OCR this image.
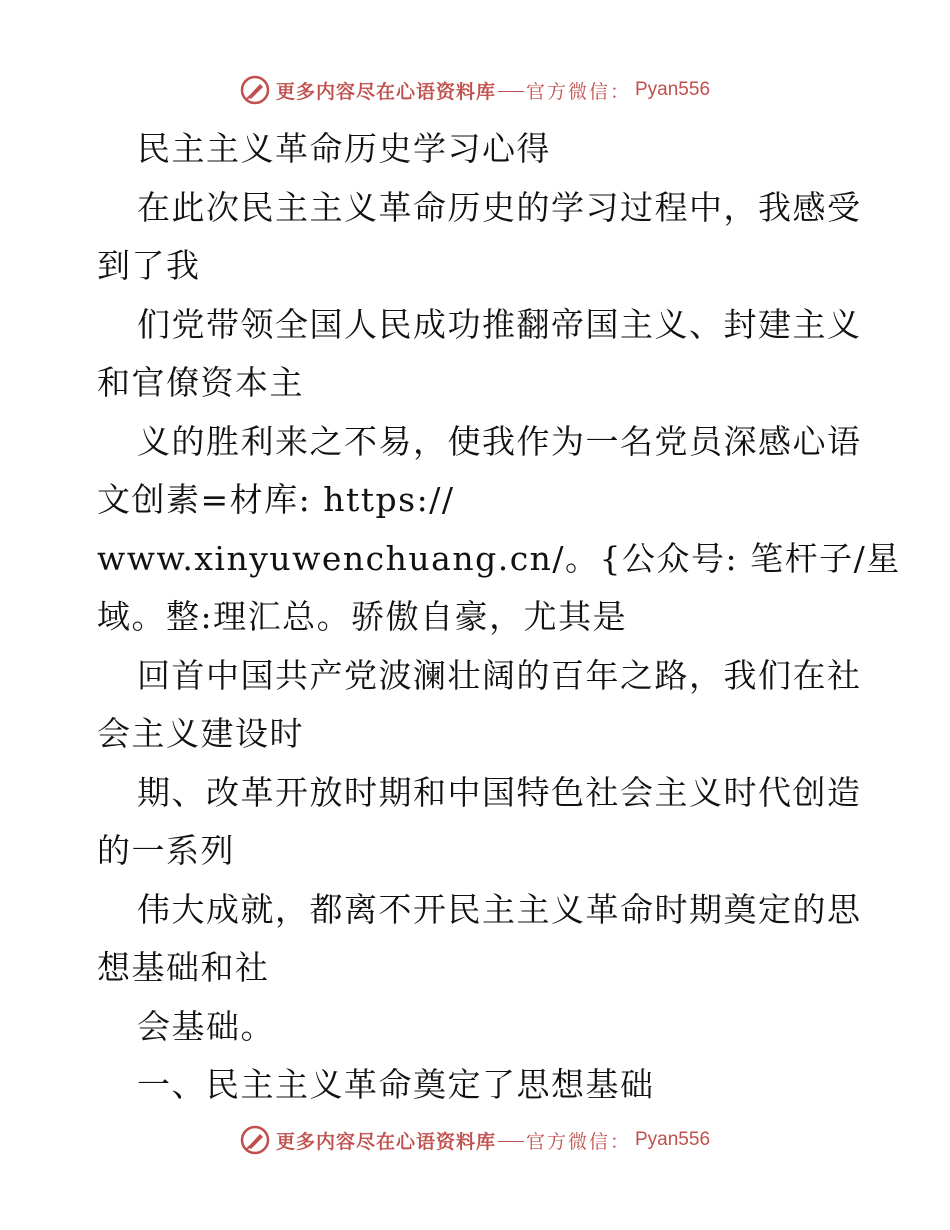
更多内容尽在心语资料库 官方微信： Pyan556
民主主义革命历史学习心得
在此次民主主义革命历史的学习过程中，我感受
到了我
们党带领全国人民成功推翻帝国主义、封建主义
和官僚资本主
义的胜利来之不易，使我作为一名党员深感心语
文创素=材库: https://
www.xinyuwenchuang.cn/。{公众号: 笔杆子/星
域。整:理汇总。骄傲自豪，尤其是
回首中国共产党波澜壮阔的百年之路，我们在社
会主义建设时
期、改革开放时期和中国特色社会主义时代创造
的一系列
伟大成就，都离不开民主主义革命时期奠定的思
想基础和社
会基础。
一、民主主义革命奠定了思想基础
更多内容尽在心语资料库 官方微信： Pyan556
